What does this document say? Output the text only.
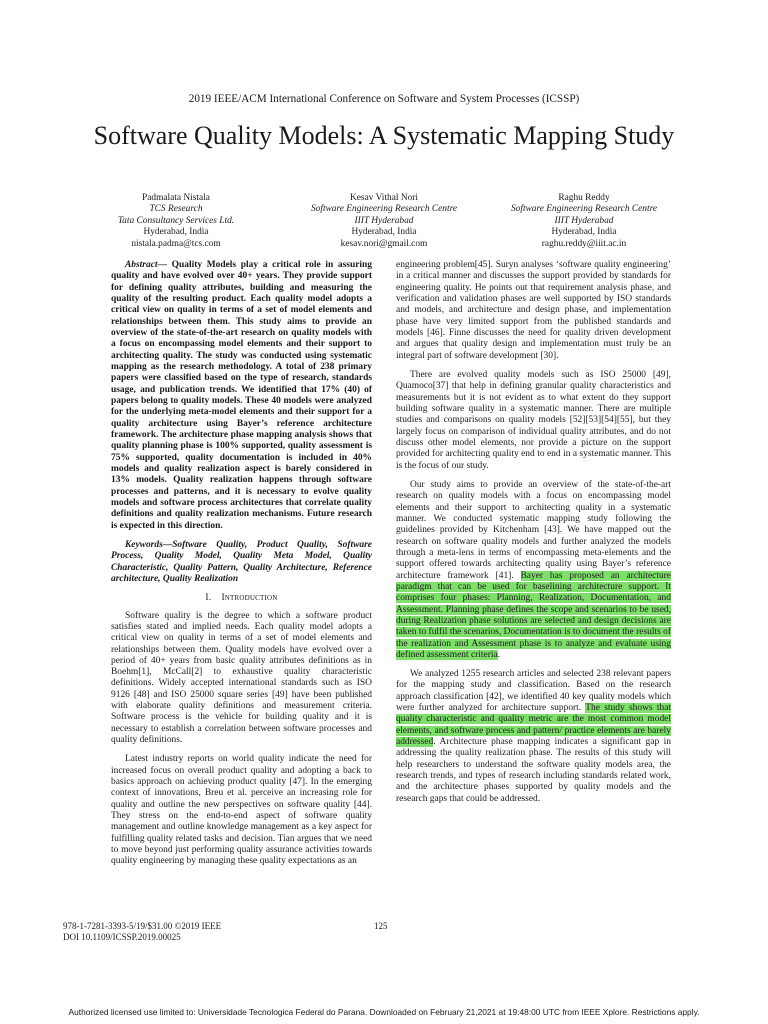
2019 IEEE/ACM International Conference on Software and System Processes (ICSSP)
Software Quality Models: A Systematic Mapping Study
Padmalata Nistala
TCS Research
Tata Consultancy Services Ltd.
Hyderabad, India
nistala.padma@tcs.com
Kesav Vithal Nori
Software Engineering Research Centre
IIIT Hyderabad
Hyderabad, India
kesav.nori@gmail.com
Raghu Reddy
Software Engineering Research Centre
IIIT Hyderabad
Hyderabad, India
raghu.reddy@iiit.ac.in

Abstract— Quality Models play a critical role in assuring quality and have evolved over 40+ years. They provide support for defining quality attributes, building and measuring the quality of the resulting product. Each quality model adopts a critical view on quality in terms of a set of model elements and relationships between them. This study aims to provide an overview of the state-of-the-art research on quality models with a focus on encompassing model elements and their support to architecting quality. The study was conducted using systematic mapping as the research methodology. A total of 238 primary papers were classified based on the type of research, standards usage, and publication trends. We identified that 17% (40) of papers belong to quality models. These 40 models were analyzed for the underlying meta-model elements and their support for a quality architecture using Bayer’s reference architecture framework. The architecture phase mapping analysis shows that quality planning phase is 100% supported, quality assessment is 75% supported, quality documentation is included in 40% models and quality realization aspect is barely considered in 13% models. Quality realization happens through software processes and patterns, and it is necessary to evolve quality models and software process architectures that correlate quality definitions and quality realization mechanisms. Future research is expected in this direction.

Keywords—Software Quality, Product Quality, Software Process, Quality Model, Quality Meta Model, Quality Characteristic, Quality Pattern, Quality Architecture, Reference architecture, Quality Realization

I. Introduction

Software quality is the degree to which a software product satisfies stated and implied needs. Each quality model adopts a critical view on quality in terms of a set of model elements and relationships between them. Quality models have evolved over a period of 40+ years from basic quality attributes definitions as in Boehm[1], McCall[2] to exhaustive quality characteristic definitions. Widely accepted international standards such as ISO 9126 [48] and ISO 25000 square series [49] have been published with elaborate quality definitions and measurement criteria. Software process is the vehicle for building quality and it is necessary to establish a correlation between software processes and quality definitions.

Latest industry reports on world quality indicate the need for increased focus on overall product quality and adopting a back to basics approach on achieving product quality [47]. In the emerging context of innovations, Breu et al. perceive an increasing role for quality and outline the new perspectives on software quality [44]. They stress on the end-to-end aspect of software quality management and outline knowledge management as a key aspect for fulfilling quality related tasks and decision. Tian argues that we need to move beyond just performing quality assurance activities towards quality engineering by managing these quality expectations as an

engineering problem[45]. Suryn analyses ‘software quality engineering’ in a critical manner and discusses the support provided by standards for engineering quality. He points out that requirement analysis phase, and verification and validation phases are well supported by ISO standards and models, and architecture and design phase, and implementation phase have very limited support from the published standards and models [46]. Finne discusses the need for quality driven development and argues that quality design and implementation must truly be an integral part of software development [30].

There are evolved quality models such as ISO 25000 [49], Quamoco[37] that help in defining granular quality characteristics and measurements but it is not evident as to what extent do they support building software quality in a systematic manner. There are multiple studies and comparisons on quality models [52][53][54][55], but they largely focus on comparison of individual quality attributes, and do not discuss other model elements, nor provide a picture on the support provided for architecting quality end to end in a systematic manner. This is the focus of our study.

Our study aims to provide an overview of the state-of-the-art research on quality models with a focus on encompassing model elements and their support to architecting quality in a systematic manner. We conducted systematic mapping study following the guidelines provided by Kitchenham [43]. We have mapped out the research on software quality models and further analyzed the models through a meta-lens in terms of encompassing meta-elements and the support offered towards architecting quality using Bayer’s reference architecture framework [41]. Bayer has proposed an architecture paradigm that can be used for baselining architecture support. It comprises four phases: Planning, Realization, Documentation, and Assessment. Planning phase defines the scope and scenarios to be used, during Realization phase solutions are selected and design decisions are taken to fulfil the scenarios, Documentation is to document the results of the realization and Assessment phase is to analyze and evaluate using defined assessment criteria.

We analyzed 1255 research articles and selected 238 relevant papers for the mapping study and classification. Based on the research approach classification [42], we identified 40 key quality models which were further analyzed for architecture support. The study shows that quality characteristic and quality metric are the most common model elements, and software process and pattern/ practice elements are barely addressed. Architecture phase mapping indicates a significant gap in addressing the quality realization phase. The results of this study will help researchers to understand the software quality models area, the research trends, and types of research including standards related work, and the architecture phases supported by quality models and the research gaps that could be addressed.

978-1-7281-3393-5/19/$31.00 ©2019 IEEE
DOI 10.1109/ICSSP.2019.00025
125
Authorized licensed use limited to: Universidade Tecnologica Federal do Parana. Downloaded on February 21,2021 at 19:48:00 UTC from IEEE Xplore. Restrictions apply.
